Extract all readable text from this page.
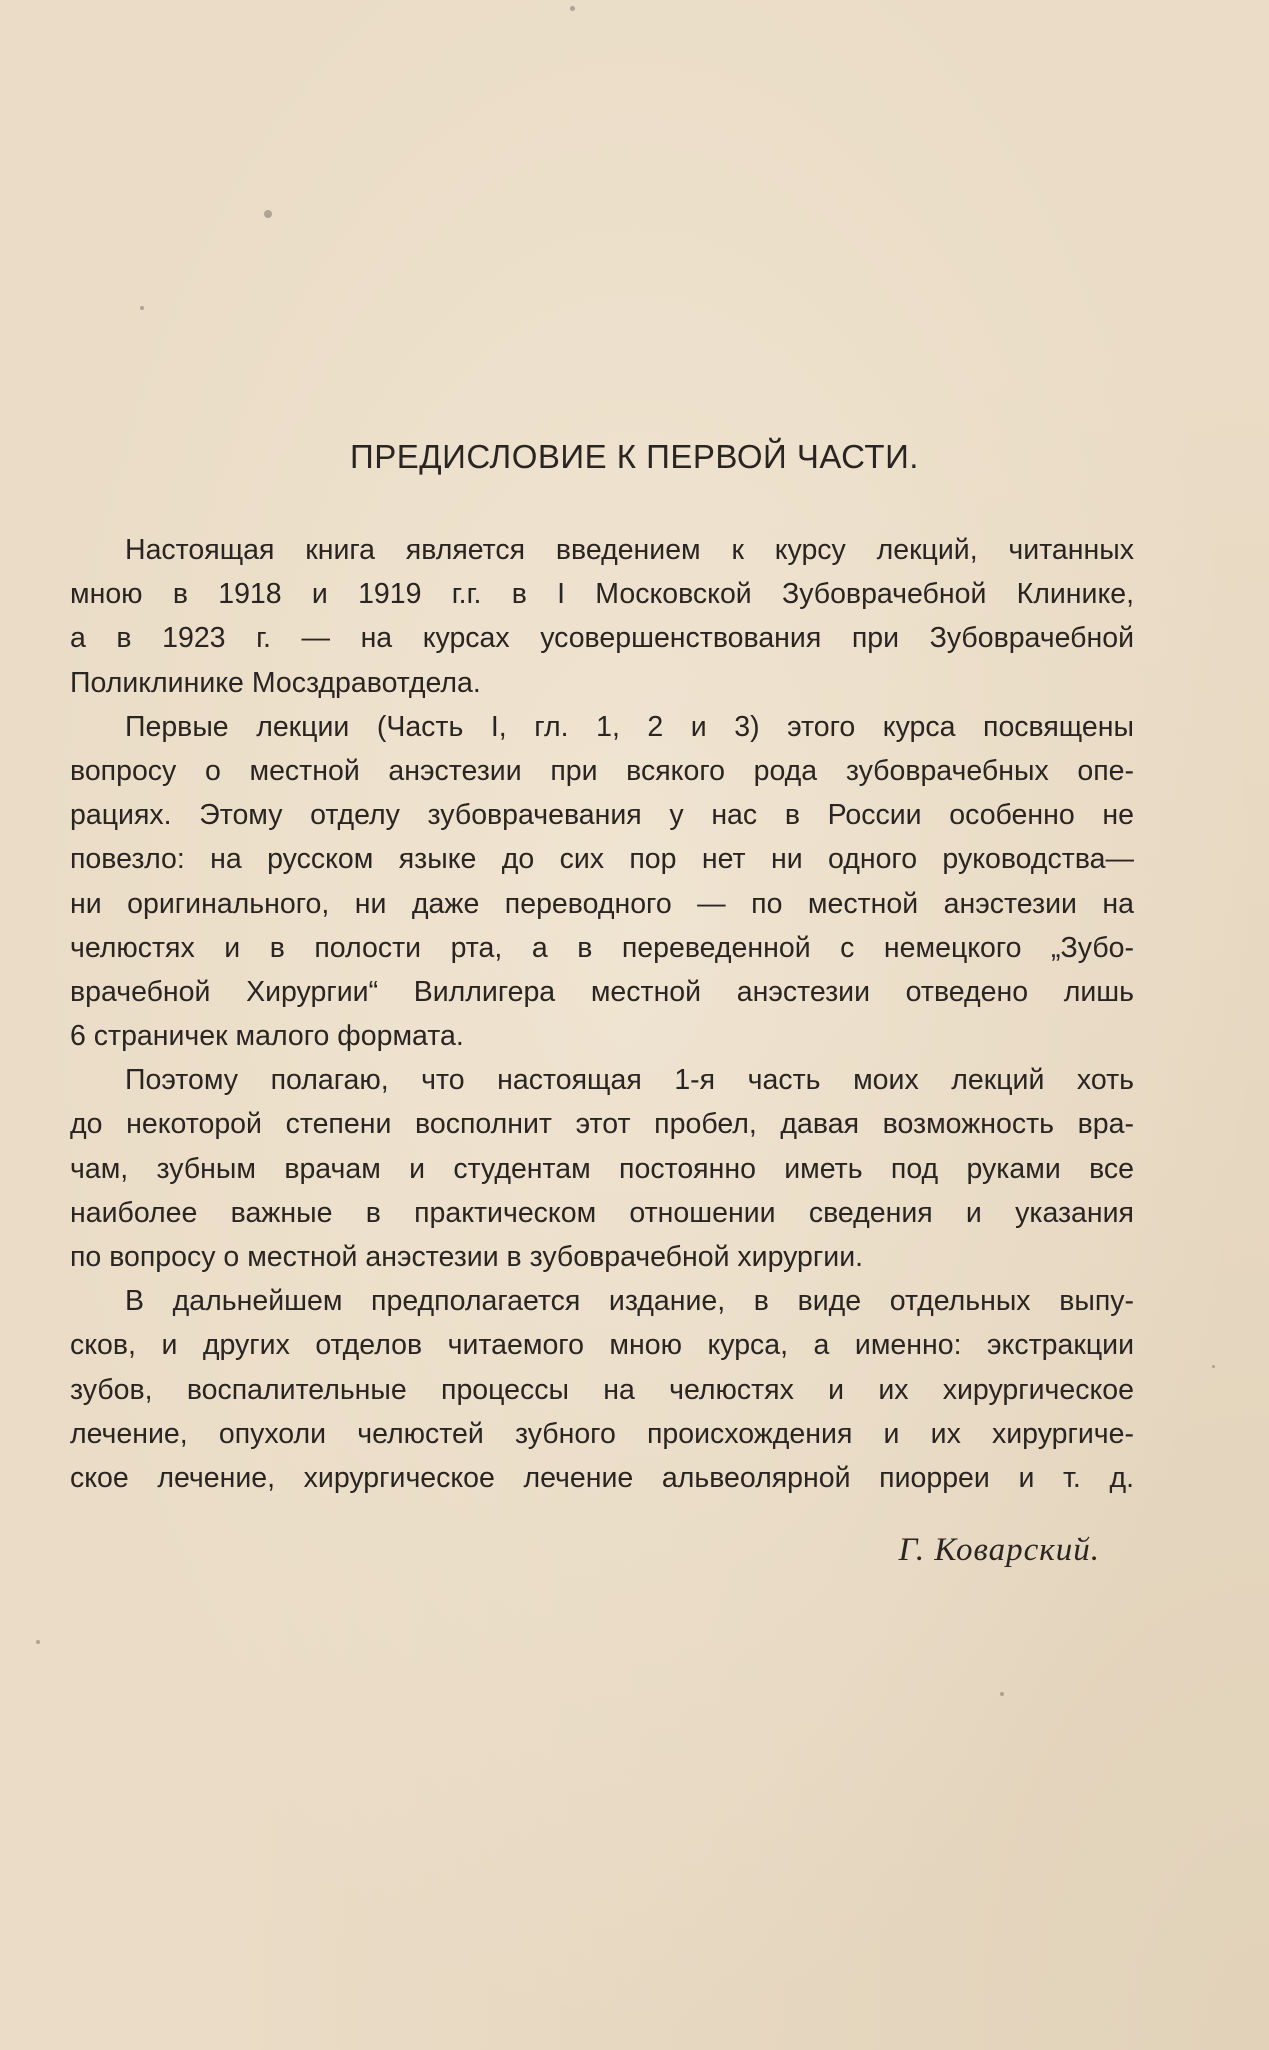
ПРЕДИСЛОВИЕ К ПЕРВОЙ ЧАСТИ.

Настоящая книга является введением к курсу лекций, читанных
мною в 1918 и 1919 г.г. в I Московской Зубоврачебной Клинике,
а в 1923 г. — на курсах усовершенствования при Зубоврачебной
Поликлинике Мосздравотдела.

Первые лекции (Часть I, гл. 1, 2 и 3) этого курса посвящены
вопросу о местной анэстезии при всякого рода зубоврачебных опе-
рациях. Этому отделу зубоврачевания у нас в России особенно не
повезло: на русском языке до сих пор нет ни одного руководства—
ни оригинального, ни даже переводного — по местной анэстезии на
челюстях и в полости рта, а в переведенной с немецкого „Зубо-
врачебной Хирургии“ Виллигера местной анэстезии отведено лишь
6 страничек малого формата.

Поэтому полагаю, что настоящая 1-я часть моих лекций хоть
до некоторой степени восполнит этот пробел, давая возможность вра-
чам, зубным врачам и студентам постоянно иметь под руками все
наиболее важные в практическом отношении сведения и указания
по вопросу о местной анэстезии в зубоврачебной хирургии.

В дальнейшем предполагается издание, в виде отдельных выпу-
сков, и других отделов читаемого мною курса, а именно: экстракции
зубов, воспалительные процессы на челюстях и их хирургическое
лечение, опухоли челюстей зубного происхождения и их хирургиче-
ское лечение, хирургическое лечение альвеолярной пиорреи и т. д.

Г. Коварский.
